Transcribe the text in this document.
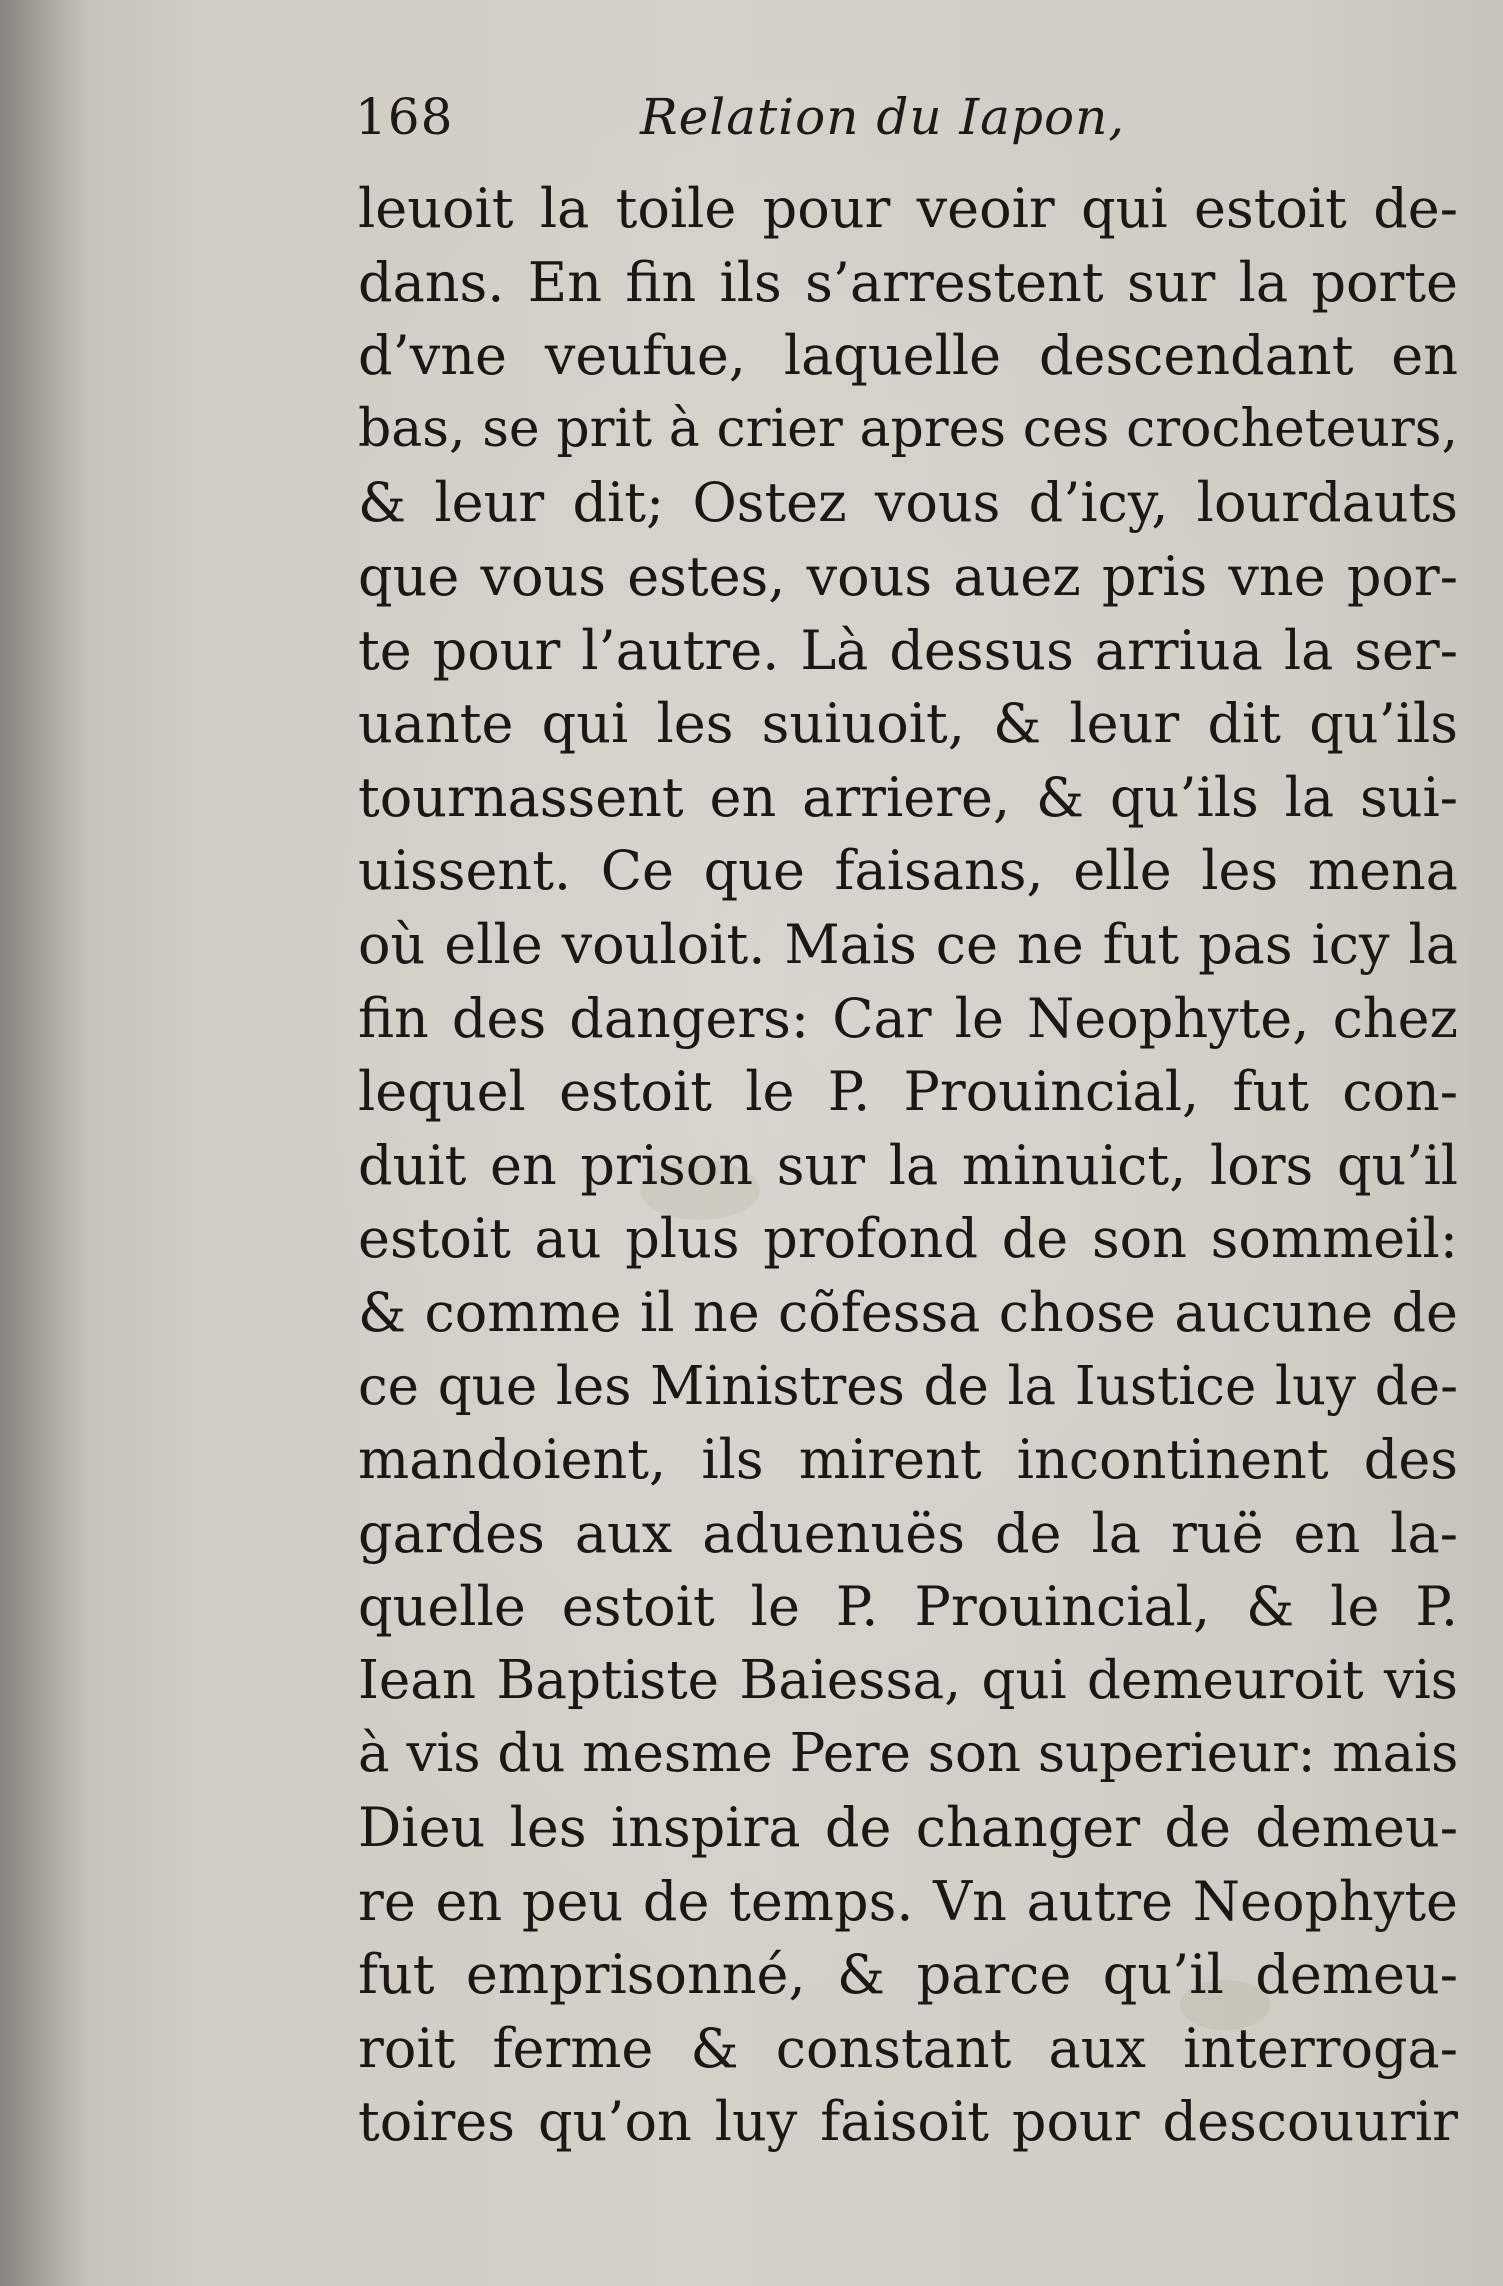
168	Relation du Iapon,
leuoit la toile pour veoir qui estoit de-
dans. En fin ils s’arrestent sur la porte
d’vne veufue, laquelle descendant en
bas, se prit à crier apres ces crocheteurs,
& leur dit; Ostez vous d’icy, lourdauts
que vous estes, vous auez pris vne por-
te pour l’autre. Là dessus arriua la ser-
uante qui les suiuoit, & leur dit qu’ils
tournassent en arriere, & qu’ils la sui-
uissent. Ce que faisans, elle les mena
où elle vouloit. Mais ce ne fut pas icy la
fin des dangers: Car le Neophyte, chez
lequel estoit le P. Prouincial, fut con-
duit en prison sur la minuict, lors qu’il
estoit au plus profond de son sommeil:
& comme il ne cõfessa chose aucune de
ce que les Ministres de la Iustice luy de-
mandoient, ils mirent incontinent des
gardes aux aduenuës de la ruë en la-
quelle estoit le P. Prouincial, & le P.
Iean Baptiste Baiessa, qui demeuroit vis
à vis du mesme Pere son superieur: mais
Dieu les inspira de changer de demeu-
re en peu de temps. Vn autre Neophyte
fut emprisonné, & parce qu’il demeu-
roit ferme & constant aux interroga-
toires qu’on luy faisoit pour descouurir
